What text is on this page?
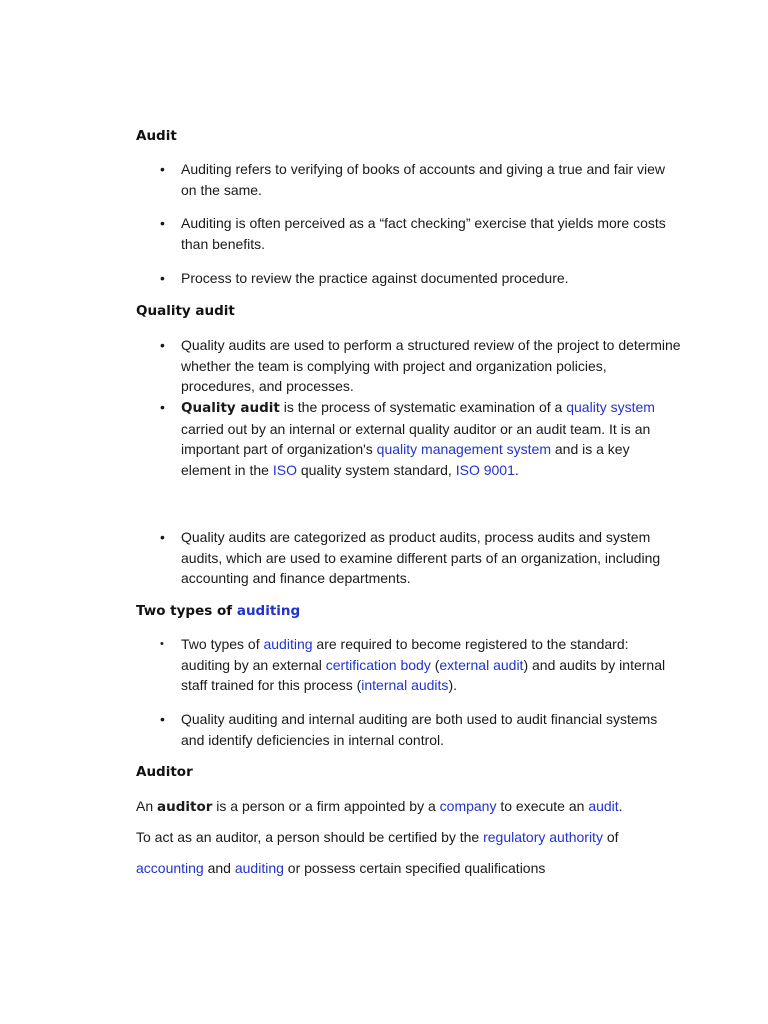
Audit
•	Auditing refers to verifying of books of accounts and giving a true and fair view on the same.

•	Auditing is often perceived as a “fact checking” exercise that yields more costs than benefits.

•	Process to review the practice against documented procedure.

Quality audit
•	Quality audits are used to perform a structured review of the project to determine whether the team is complying with project and organization policies, procedures, and processes.

•	Quality audit is the process of systematic examination of a quality system carried out by an internal or external quality auditor or an audit team. It is an important part of organization's quality management system and is a key element in the ISO quality system standard, ISO 9001.

•	Quality audits are categorized as product audits, process audits and system audits, which are used to examine different parts of an organization, including accounting and finance departments.

Two types of auditing
•	Two types of auditing are required to become registered to the standard: auditing by an external certification body (external audit) and audits by internal staff trained for this process (internal audits).

•	Quality auditing and internal auditing are both used to audit financial systems and identify deficiencies in internal control.

Auditor

An auditor is a person or a firm appointed by a company to execute an audit.

To act as an auditor, a person should be certified by the regulatory authority of

accounting and auditing or possess certain specified qualifications
